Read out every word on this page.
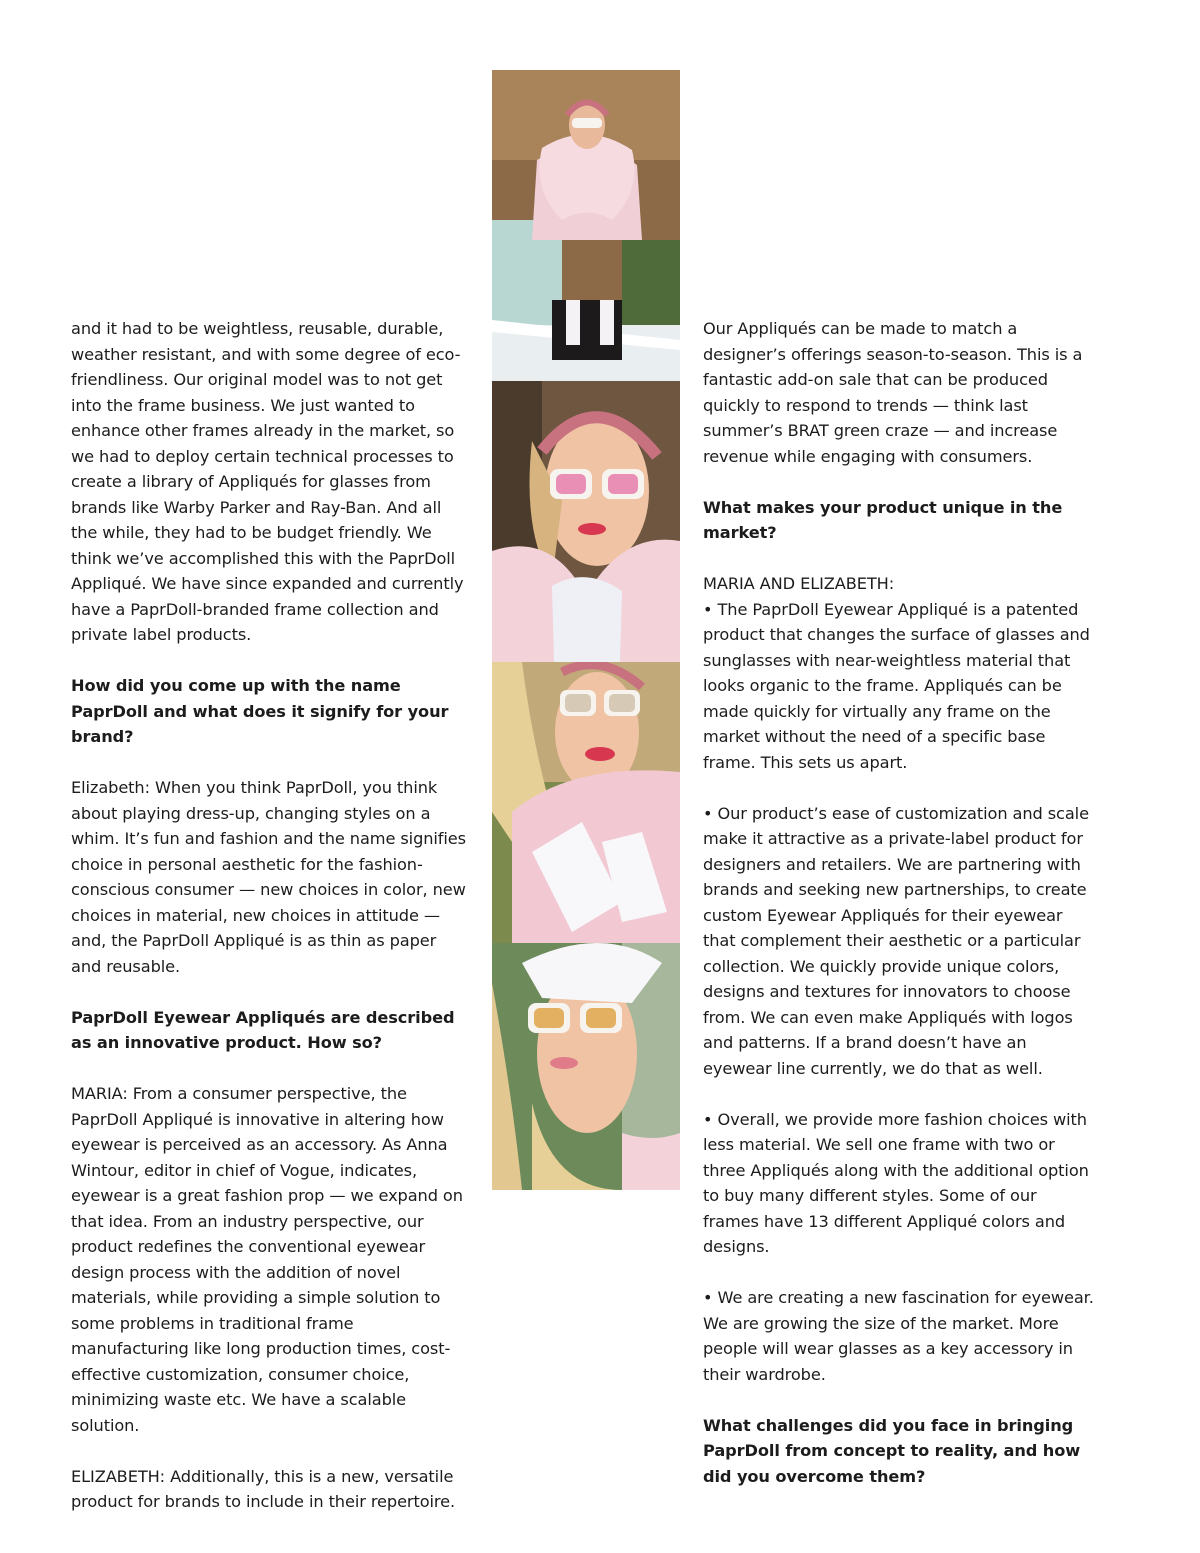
and it had to be weightless, reusable, durable, weather resistant, and with some degree of eco-friendliness. Our original model was to not get into the frame business. We just wanted to enhance other frames already in the market, so we had to deploy certain technical processes to create a library of Appliqués for glasses from brands like Warby Parker and Ray-Ban. And all the while, they had to be budget friendly. We think we’ve accomplished this with the PaprDoll Appliqué. We have since expanded and currently have a PaprDoll-branded frame collection and private label products.

How did you come up with the name PaprDoll and what does it signify for your brand?

Elizabeth: When you think PaprDoll, you think about playing dress-up, changing styles on a whim. It’s fun and fashion and the name signifies choice in personal aesthetic for the fashion-conscious consumer — new choices in color, new choices in material, new choices in attitude — and, the PaprDoll Appliqué is as thin as paper and reusable.

PaprDoll Eyewear Appliqués are described as an innovative product. How so?

MARIA: From a consumer perspective, the PaprDoll Appliqué is innovative in altering how eyewear is perceived as an accessory. As Anna Wintour, editor in chief of Vogue, indicates, eyewear is a great fashion prop — we expand on that idea. From an industry perspective, our product redefines the conventional eyewear design process with the addition of novel materials, while providing a simple solution to some problems in traditional frame manufacturing like long production times, cost-effective customization, consumer choice, minimizing waste etc. We have a scalable solution.

ELIZABETH: Additionally, this is a new, versatile product for brands to include in their repertoire.

Our Appliqués can be made to match a designer’s offerings season-to-season. This is a fantastic add-on sale that can be produced quickly to respond to trends — think last summer’s BRAT green craze — and increase revenue while engaging with consumers.

What makes your product unique in the market?

MARIA AND ELIZABETH:

• The PaprDoll Eyewear Appliqué is a patented product that changes the surface of glasses and sunglasses with near-weightless material that looks organic to the frame. Appliqués can be made quickly for virtually any frame on the market without the need of a specific base frame. This sets us apart.

• Our product’s ease of customization and scale make it attractive as a private-label product for designers and retailers. We are partnering with brands and seeking new partnerships, to create custom Eyewear Appliqués for their eyewear that complement their aesthetic or a particular collection. We quickly provide unique colors, designs and textures for innovators to choose from. We can even make Appliqués with logos and patterns. If a brand doesn’t have an eyewear line currently, we do that as well.

• Overall, we provide more fashion choices with less material. We sell one frame with two or three Appliqués along with the additional option to buy many different styles. Some of our frames have 13 different Appliqué colors and designs.

• We are creating a new fascination for eyewear. We are growing the size of the market. More people will wear glasses as a key accessory in their wardrobe.

What challenges did you face in bringing PaprDoll from concept to reality, and how did you overcome them?
